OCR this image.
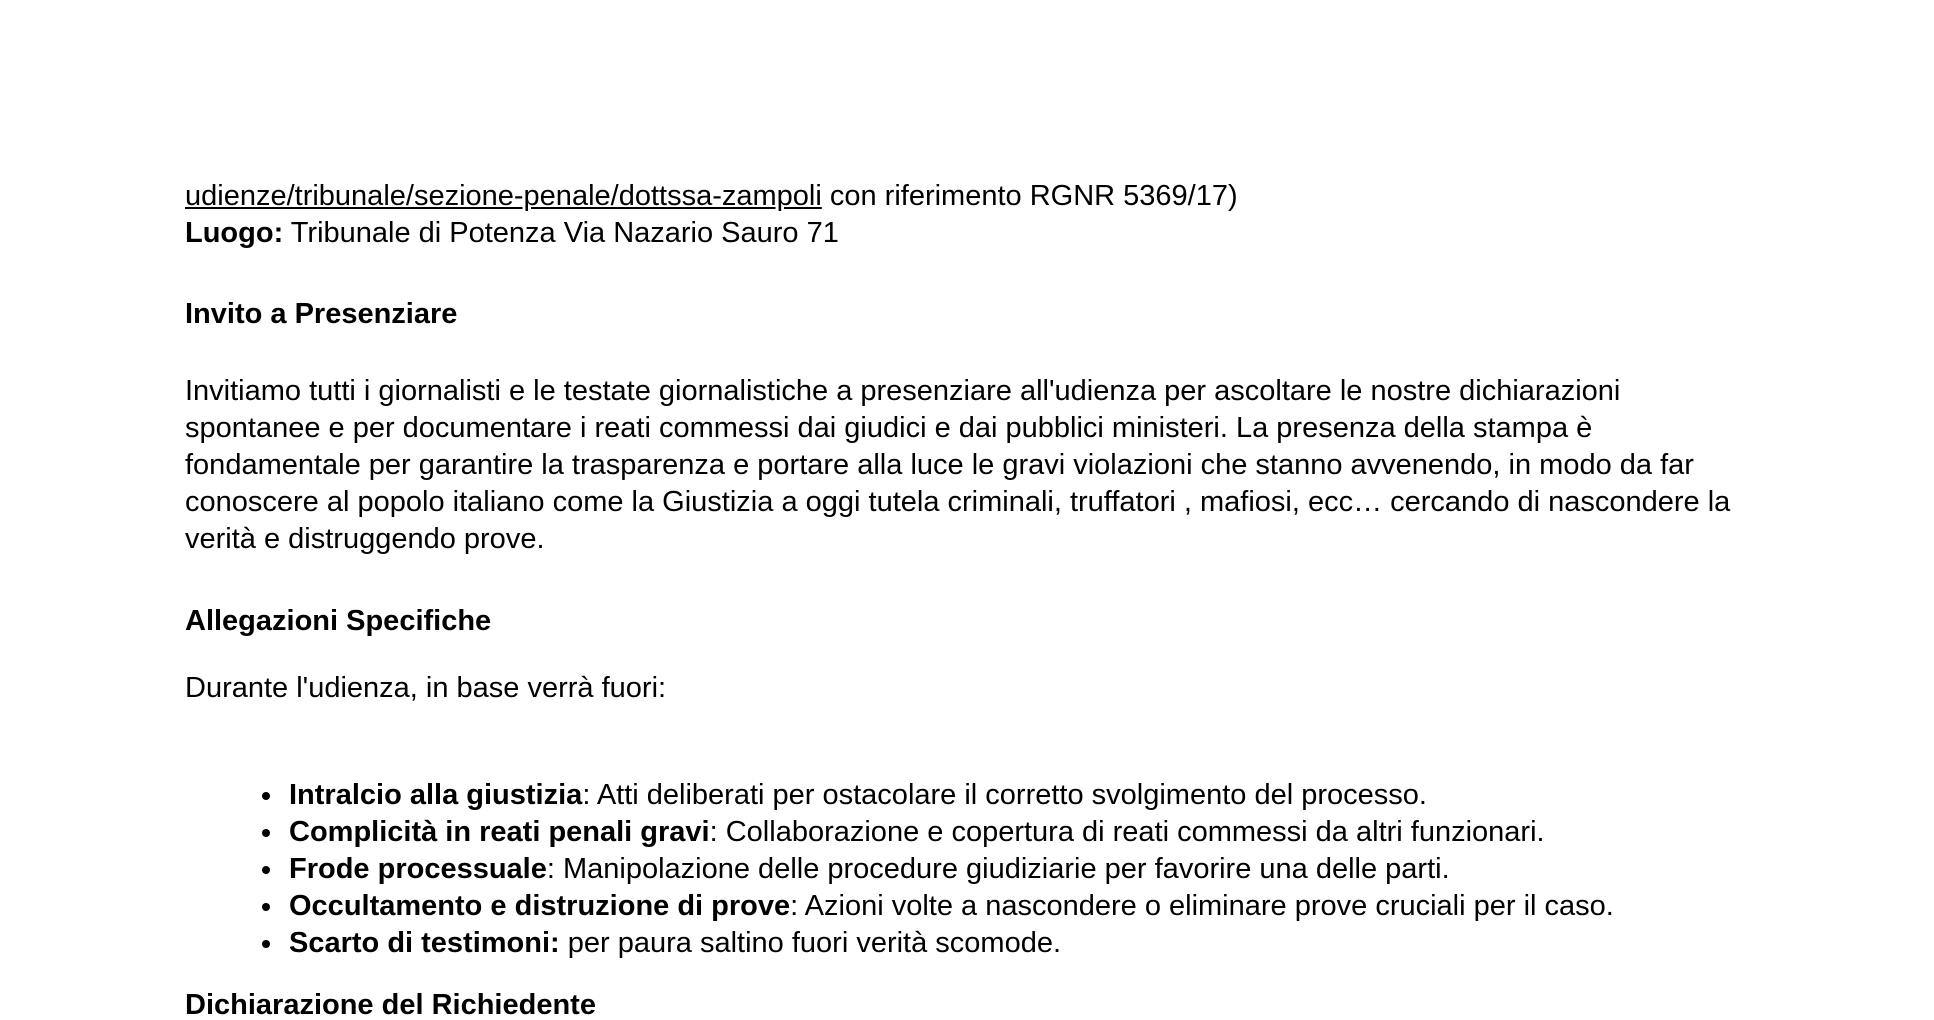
udienze/tribunale/sezione-penale/dottssa-zampoli con riferimento RGNR 5369/17)

Luogo: Tribunale di Potenza Via Nazario Sauro 71

Invito a Presenziare

Invitiamo tutti i giornalisti e le testate giornalistiche a presenziare all'udienza per ascoltare le nostre dichiarazioni spontanee e per documentare i reati commessi dai giudici e dai pubblici ministeri. La presenza della stampa è fondamentale per garantire la trasparenza e portare alla luce le gravi violazioni che stanno avvenendo, in modo da far conoscere al popolo italiano come la Giustizia a oggi tutela criminali, truffatori , mafiosi, ecc… cercando di nascondere la verità e distruggendo prove.

Allegazioni Specifiche

Durante l'udienza, in base verrà fuori:

• Intralcio alla giustizia: Atti deliberati per ostacolare il corretto svolgimento del processo.
• Complicità in reati penali gravi: Collaborazione e copertura di reati commessi da altri funzionari.
• Frode processuale: Manipolazione delle procedure giudiziarie per favorire una delle parti.
• Occultamento e distruzione di prove: Azioni volte a nascondere o eliminare prove cruciali per il caso.
• Scarto di testimoni: per paura saltino fuori verità scomode.

Dichiarazione del Richiedente
